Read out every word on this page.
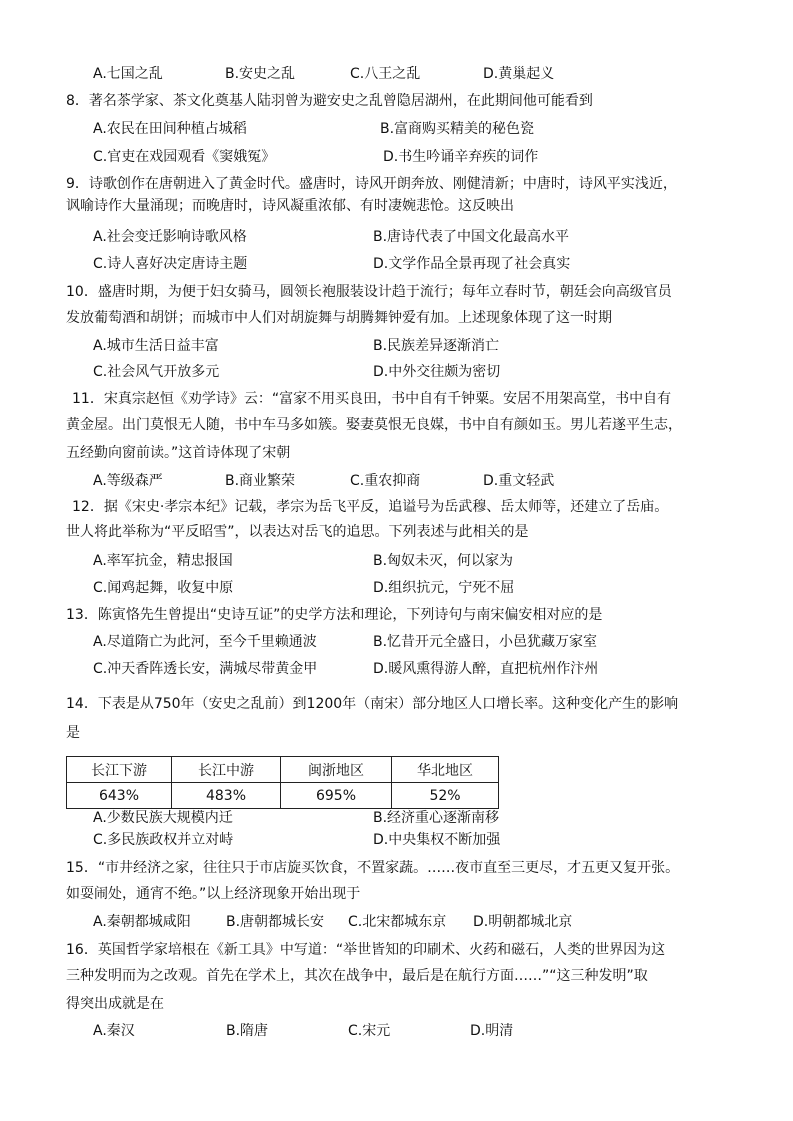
A.七国之乱	B.安史之乱	C.八王之乱	D.黄巢起义
8．著名茶学家、茶文化奠基人陆羽曾为避安史之乱曾隐居湖州，在此期间他可能看到
A.农民在田间种植占城稻	B.富商购买精美的秘色瓷
C.官吏在戏园观看《窦娥冤》	D.书生吟诵辛弃疾的词作
9．诗歌创作在唐朝进入了黄金时代。盛唐时，诗风开朗奔放、刚健清新；中唐时，诗风平实浅近，
讽喻诗作大量涌现；而晚唐时，诗风凝重浓郁、有时凄婉悲怆。这反映出
A.社会变迁影响诗歌风格	B.唐诗代表了中国文化最高水平
C.诗人喜好决定唐诗主题	D.文学作品全景再现了社会真实
10．盛唐时期，为便于妇女骑马，圆领长袍服装设计趋于流行；每年立春时节，朝廷会向高级官员
发放葡萄酒和胡饼；而城市中人们对胡旋舞与胡腾舞钟爱有加。上述现象体现了这一时期
A.城市生活日益丰富	B.民族差异逐渐消亡
C.社会风气开放多元	D.中外交往颇为密切
11．宋真宗赵恒《劝学诗》云：“富家不用买良田，书中自有千钟粟。安居不用架高堂，书中自有
黄金屋。出门莫恨无人随，书中车马多如簇。娶妻莫恨无良媒，书中自有颜如玉。男儿若遂平生志，
五经勤向窗前读。”这首诗体现了宋朝
A.等级森严	B.商业繁荣	C.重农抑商	D.重文轻武
12．据《宋史·孝宗本纪》记载，孝宗为岳飞平反，追谥号为岳武穆、岳太师等，还建立了岳庙。
世人将此举称为“平反昭雪”，以表达对岳飞的追思。下列表述与此相关的是
A.率军抗金，精忠报国	B.匈奴未灭，何以家为
C.闻鸡起舞，收复中原	D.组织抗元，宁死不屈
13．陈寅恪先生曾提出“史诗互证”的史学方法和理论，下列诗句与南宋偏安相对应的是
A.尽道隋亡为此河，至今千里赖通波	B.忆昔开元全盛日，小邑犹藏万家室
C.冲天香阵透长安，满城尽带黄金甲	D.暖风熏得游人醉，直把杭州作汴州
14．下表是从750年（安史之乱前）到1200年（南宋）部分地区人口增长率。这种变化产生的影响
是
长江下游	长江中游	闽浙地区	华北地区
643%	483%	695%	52%
A.少数民族大规模内迁	B.经济重心逐渐南移
C.多民族政权并立对峙	D.中央集权不断加强
15．“市井经济之家，往往只于市店旋买饮食，不置家蔬。……夜市直至三更尽，才五更又复开张。
如耍闹处，通宵不绝。”以上经济现象开始出现于
A.秦朝都城咸阳	B.唐朝都城长安 C.北宋都城东京 D.明朝都城北京
16．英国哲学家培根在《新工具》中写道：“举世皆知的印刷术、火药和磁石，人类的世界因为这
三种发明而为之改观。首先在学术上，其次在战争中，最后是在航行方面……”“这三种发明”取
得突出成就是在
A.秦汉	B.隋唐	C.宋元	D.明清
